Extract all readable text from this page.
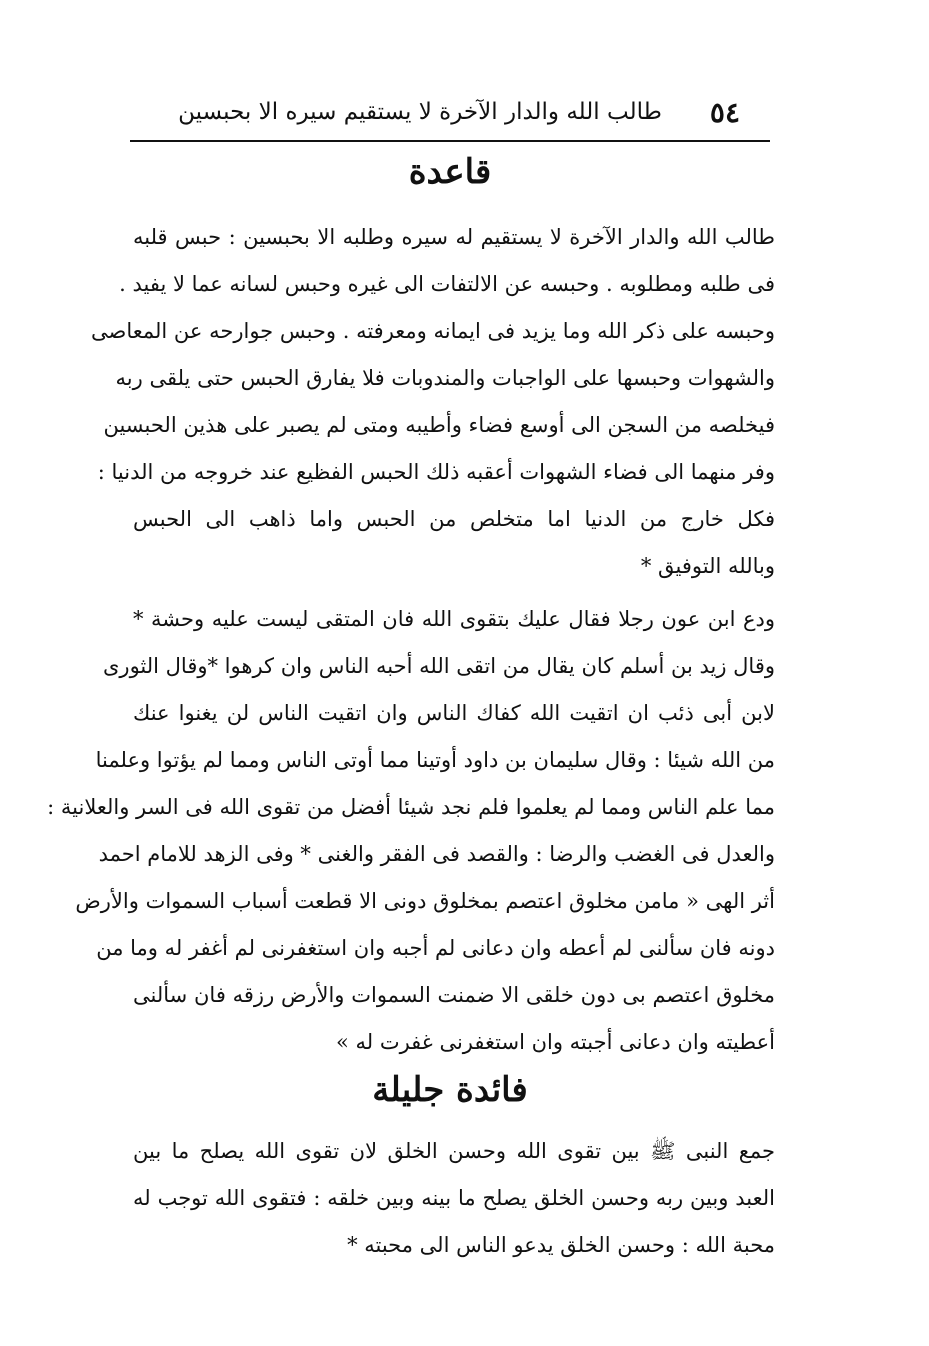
٥٤
طالب الله والدار الآخرة لا يستقيم سيره الا بحبسين
قاعدة
طالب الله والدار الآخرة لا يستقيم له سيره وطلبه الا بحبسين : حبس قلبه
فى طلبه ومطلوبه . وحبسه عن الالتفات الى غيره وحبس لسانه عما لا يفيد .
وحبسه على ذكر الله وما يزيد فى ايمانه ومعرفته . وحبس جوارحه عن المعاصى
والشهوات وحبسها على الواجبات والمندوبات فلا يفارق الحبس حتى يلقى ربه
فيخلصه من السجن الى أوسع فضاء وأطيبه ومتى لم يصبر على هذين الحبسين
وفر منهما الى فضاء الشهوات أعقبه ذلك الحبس الفظيع عند خروجه من الدنيا :
فكل خارج من الدنيا اما متخلص من الحبس واما ذاهب الى الحبس
وبالله التوفيق *
ودع ابن عون رجلا فقال عليك بتقوى الله فان المتقى ليست عليه وحشة *
وقال زيد بن أسلم كان يقال من اتقى الله أحبه الناس وان كرهوا *وقال الثورى
لابن أبى ذئب ان اتقيت الله كفاك الناس وان اتقيت الناس لن يغنوا عنك
من الله شيئا : وقال سليمان بن داود أوتينا مما أوتى الناس ومما لم يؤتوا وعلمنا
مما علم الناس ومما لم يعلموا فلم نجد شيئا أفضل من تقوى الله فى السر والعلانية :
والعدل فى الغضب والرضا : والقصد فى الفقر والغنى * وفى الزهد للامام احمد
أثر الهى « مامن مخلوق اعتصم بمخلوق دونى الا قطعت أسباب السموات والأرض
دونه فان سألنى لم أعطه وان دعانى لم أجبه وان استغفرنى لم أغفر له وما من
مخلوق اعتصم بى دون خلقى الا ضمنت السموات والأرض رزقه فان سألنى
أعطيته وان دعانى أجبته وان استغفرنى غفرت له »
فائدة جليلة
جمع النبى ﷺ بين تقوى الله وحسن الخلق لان تقوى الله يصلح ما بين
العبد وبين ربه وحسن الخلق يصلح ما بينه وبين خلقه : فتقوى الله توجب له
محبة الله : وحسن الخلق يدعو الناس الى محبته *
